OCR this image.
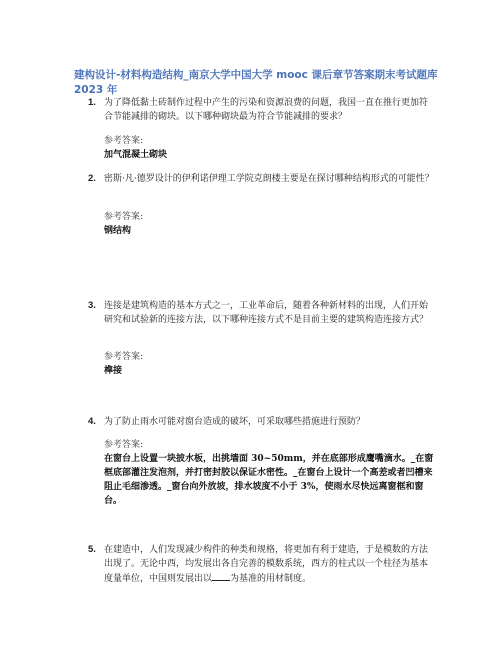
建构设计-材料构造结构_南京大学中国大学 mooc 课后章节答案期末考试题库 2023 年
1. 为了降低黏土砖制作过程中产生的污染和资源浪费的问题，我国一直在推行更加符合节能减排的砌块。以下哪种砌块最为符合节能减排的要求？
参考答案:
加气混凝土砌块
2. 密斯·凡·德罗设计的伊利诺伊理工学院克朗楼主要是在探讨哪种结构形式的可能性？
参考答案:
钢结构
3. 连接是建筑构造的基本方式之一，工业革命后，随着各种新材料的出现，人们开始研究和试验新的连接方法，以下哪种连接方式不是目前主要的建筑构造连接方式？
参考答案:
榫接
4. 为了防止雨水可能对窗台造成的破坏，可采取哪些措施进行预防？
参考答案:
在窗台上设置一块披水板，出挑墙面 30~50mm，并在底部形成鹰嘴滴水。_在窗框底部灌注发泡剂，并打密封胶以保证水密性。_在窗台上设计一个高差或者凹槽来阻止毛细渗透。_窗台向外放坡，排水坡度不小于 3%，使雨水尽快远离窗框和窗台。
5. 在建造中，人们发现减少构件的种类和规格，将更加有利于建造，于是模数的方法出现了。无论中西，均发展出各自完善的模数系统，西方的柱式以一个柱径为基本度量单位，中国则发展出以 为基准的用材制度。
